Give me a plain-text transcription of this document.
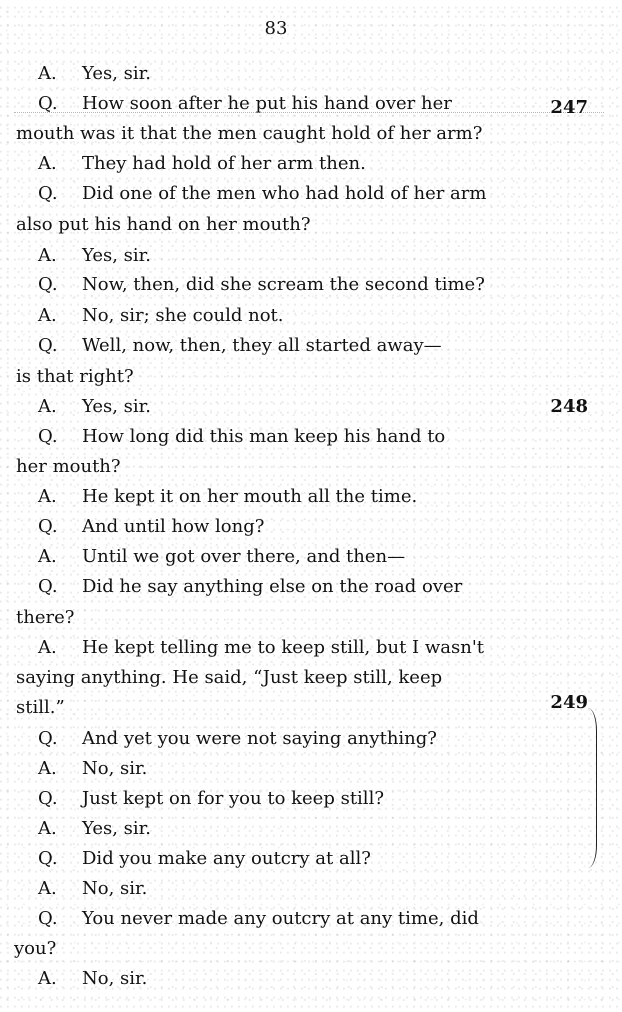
83
A. Yes, sir.
Q. How soon after he put his hand over her
mouth was it that the men caught hold of her arm?
A. They had hold of her arm then.
Q. Did one of the men who had hold of her arm
also put his hand on her mouth?
A. Yes, sir.
Q. Now, then, did she scream the second time?
A. No, sir; she could not.
Q. Well, now, then, they all started away—
is that right?
A. Yes, sir.
Q. How long did this man keep his hand to
her mouth?
A. He kept it on her mouth all the time.
Q. And until how long?
A. Until we got over there, and then—
Q. Did he say anything else on the road over
there?
A. He kept telling me to keep still, but I wasn't
saying anything. He said, “Just keep still, keep
still.”
Q. And yet you were not saying anything?
A. No, sir.
Q. Just kept on for you to keep still?
A. Yes, sir.
Q. Did you make any outcry at all?
A. No, sir.
Q. You never made any outcry at any time, did
you?
A. No, sir.
247
248
249
